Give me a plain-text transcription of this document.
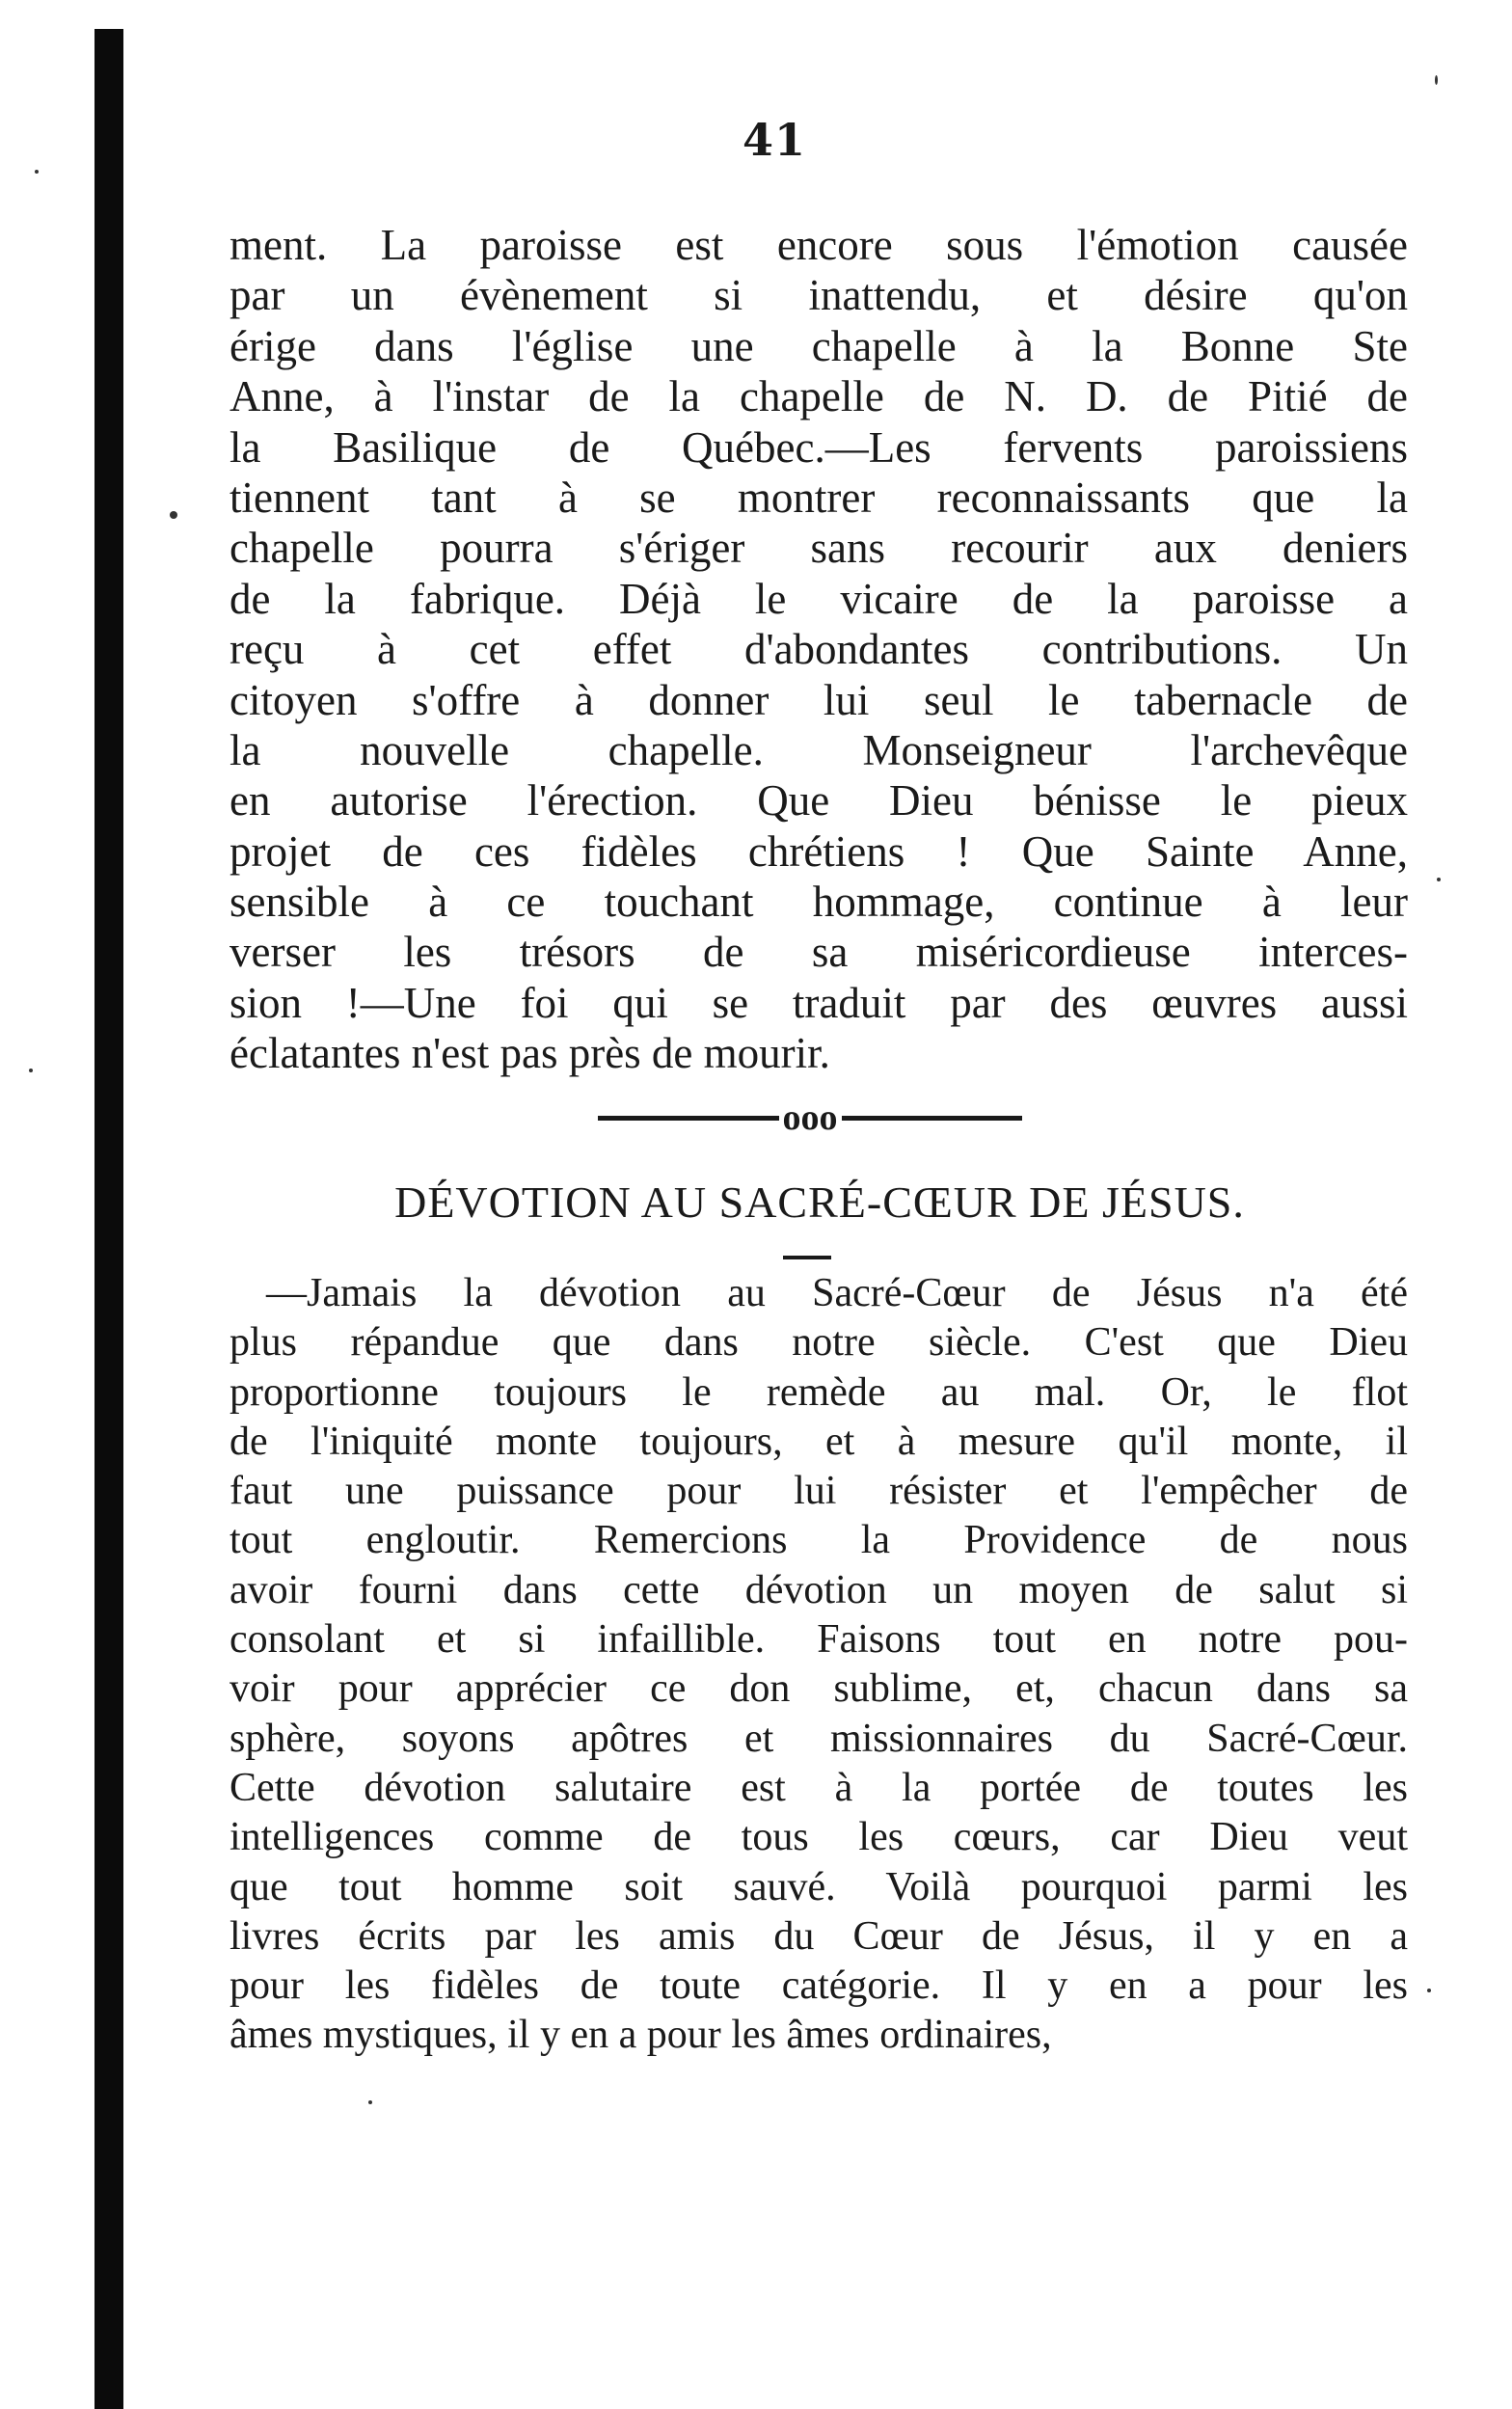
41
ment. La paroisse est encore sous l'émotion causée
par un évènement si inattendu, et désire qu'on
érige dans l'église une chapelle à la Bonne Ste
Anne, à l'instar de la chapelle de N. D. de Pitié de
la Basilique de Québec.—Les fervents paroissiens
tiennent tant à se montrer reconnaissants que la
chapelle pourra s'ériger sans recourir aux deniers
de la fabrique. Déjà le vicaire de la paroisse a
reçu à cet effet d'abondantes contributions. Un
citoyen s'offre à donner lui seul le tabernacle de
la nouvelle chapelle. Monseigneur l'archevêque
en autorise l'érection. Que Dieu bénisse le pieux
projet de ces fidèles chrétiens ! Que Sainte Anne,
sensible à ce touchant hommage, continue à leur
verser les trésors de sa miséricordieuse interces-
sion !—Une foi qui se traduit par des œuvres aussi
éclatantes n'est pas près de mourir.
ooo
DÉVOTION AU SACRÉ-CŒUR DE JÉSUS.
—Jamais la dévotion au Sacré-Cœur de Jésus n'a été
plus répandue que dans notre siècle. C'est que Dieu
proportionne toujours le remède au mal. Or, le flot
de l'iniquité monte toujours, et à mesure qu'il monte, il
faut une puissance pour lui résister et l'empêcher de
tout engloutir. Remercions la Providence de nous
avoir fourni dans cette dévotion un moyen de salut si
consolant et si infaillible. Faisons tout en notre pou-
voir pour apprécier ce don sublime, et, chacun dans sa
sphère, soyons apôtres et missionnaires du Sacré-Cœur.
Cette dévotion salutaire est à la portée de toutes les
intelligences comme de tous les cœurs, car Dieu veut
que tout homme soit sauvé. Voilà pourquoi parmi les
livres écrits par les amis du Cœur de Jésus, il y en a
pour les fidèles de toute catégorie. Il y en a pour les
âmes mystiques, il y en a pour les âmes ordinaires,
